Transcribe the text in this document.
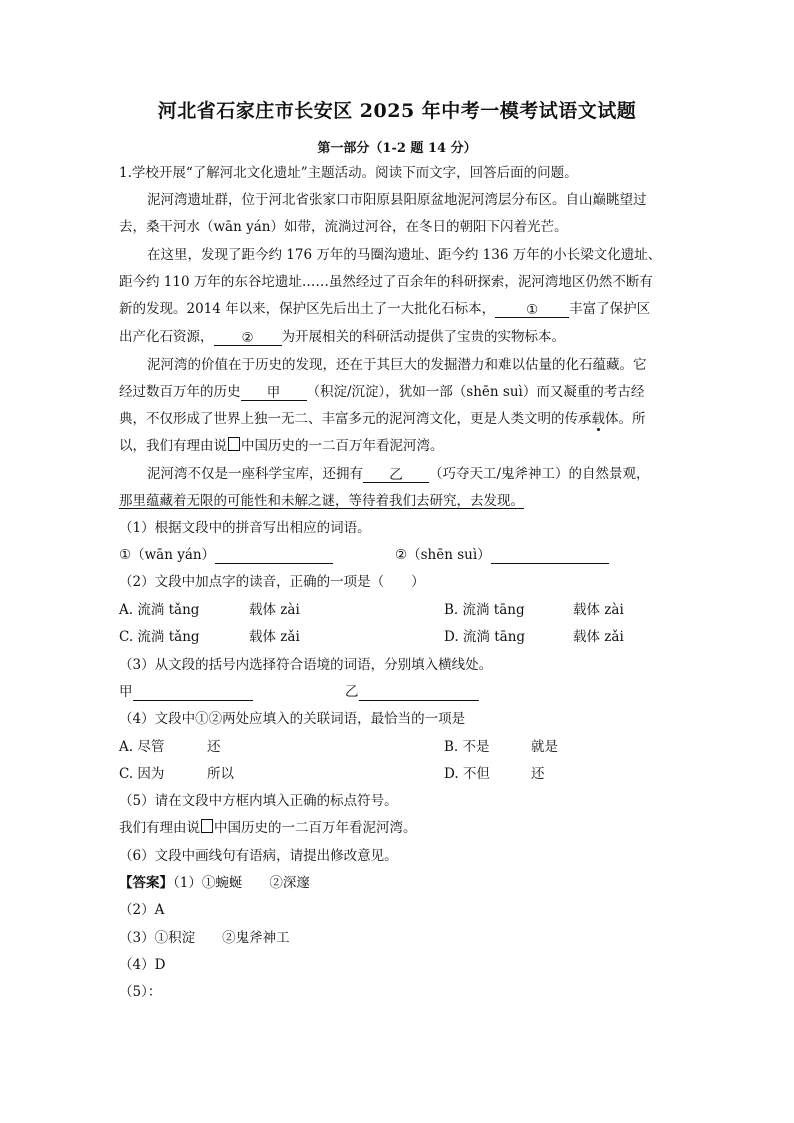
河北省石家庄市长安区 2025 年中考一模考试语文试题
第一部分（1-2 题 14 分）
1.学校开展“了解河北文化遗址”主题活动。阅读下而文字，回答后面的问题。
泥河湾遗址群，位于河北省张家口市阳原县阳原盆地泥河湾层分布区。自山巅眺望过
去，桑干河水（wān yán）如带，流淌过河谷，在冬日的朝阳下闪着光芒。
在这里，发现了距今约 176 万年的马圈沟遗址、距今约 136 万年的小长梁文化遗址、
距今约 110 万年的东谷坨遗址……虽然经过了百余年的科研探索，泥河湾地区仍然不断有
新的发现。2014 年以来，保护区先后出土了一大批化石标本， ① 丰富了保护区
出产化石资源， ② 为开展相关的科研活动提供了宝贵的实物标本。
泥河湾的价值在于历史的发现，还在于其巨大的发掘潜力和难以估量的化石蕴藏。它
经过数百万年的历史 甲 （积淀/沉淀），犹如一部（shēn suì）而又凝重的考古经
典，不仅形成了世界上独一无二、丰富多元的泥河湾文化，更是人类文明的传承载体。所
以，我们有理由说 中国历史的一二百万年看泥河湾。
泥河湾不仅是一座科学宝库，还拥有 乙 （巧夺天工/鬼斧神工）的自然景观，
那里蕴藏着无限的可能性和未解之谜，等待着我们去研究，去发现。
（1）根据文段中的拼音写出相应的词语。
①（wān yán）	②（shēn suì）
（2）文段中加点字的读音，正确的一项是（　　）
A. 流淌 tǎng	载体 zài	B. 流淌 tāng	载体 zài
C. 流淌 tǎng	载体 zǎi	D. 流淌 tāng	载体 zǎi
（3）从文段的括号内选择符合语境的词语，分别填入横线处。
甲	乙
（4）文段中①②两处应填入的关联词语，最恰当的一项是
A. 尽管	还	B. 不是	就是
C. 因为	所以	D. 不但	还
（5）请在文段中方框内填入正确的标点符号。
我们有理由说 中国历史的一二百万年看泥河湾。
（6）文段中画线句有语病，请提出修改意见。
【答案】（1）①蜿蜒　　②深邃
（2）A
（3）①积淀　　②鬼斧神工
（4）D
（5）：
